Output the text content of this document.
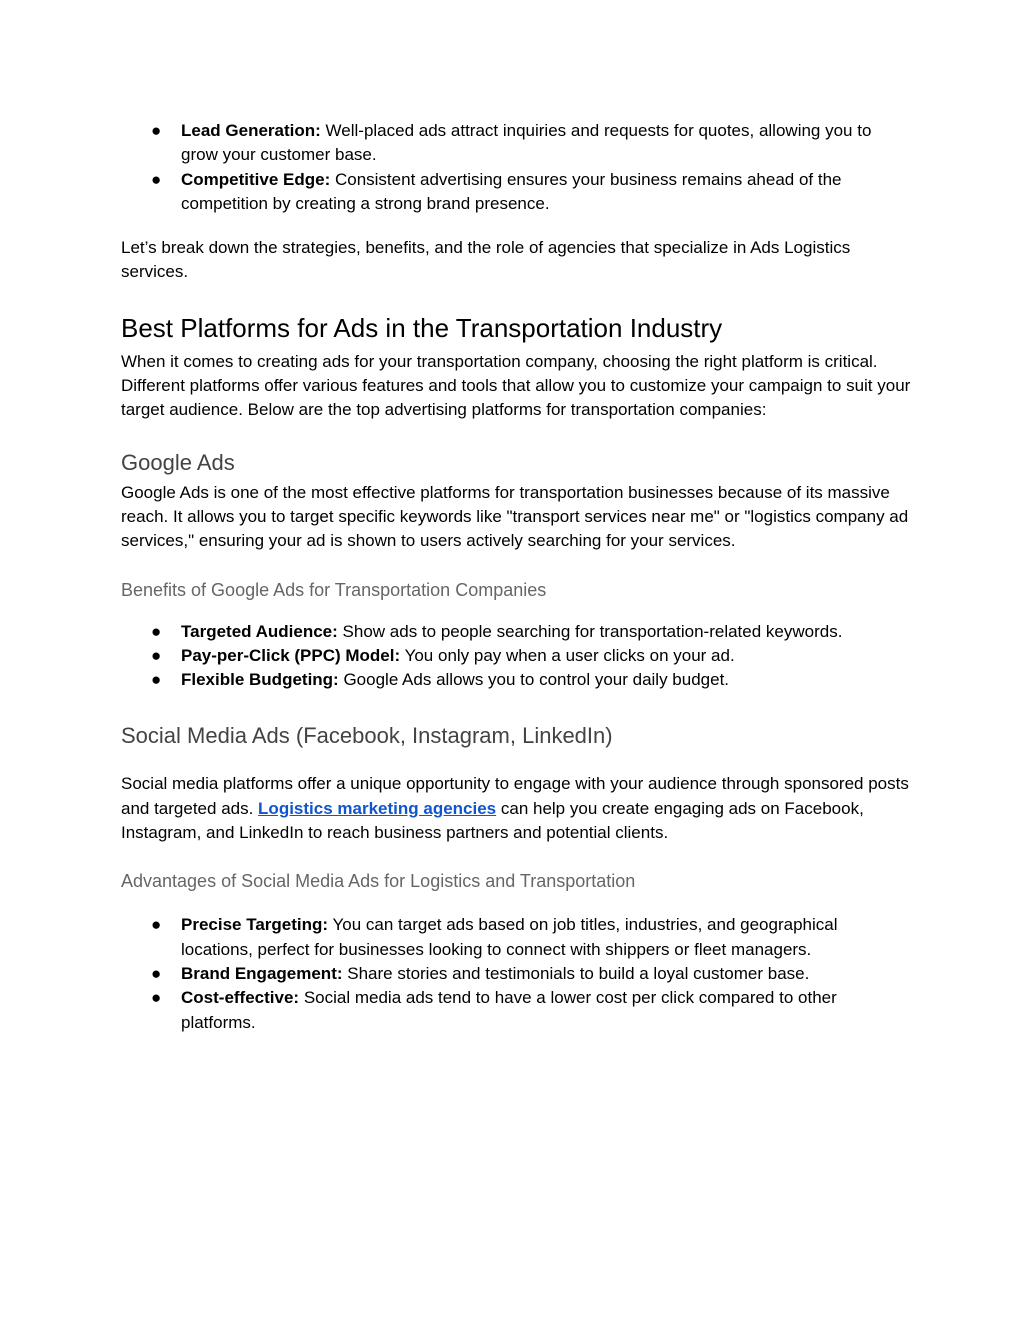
●	Lead Generation: Well-placed ads attract inquiries and requests for quotes, allowing you to grow your customer base.
●	Competitive Edge: Consistent advertising ensures your business remains ahead of the competition by creating a strong brand presence.

Let’s break down the strategies, benefits, and the role of agencies that specialize in Ads Logistics services.

Best Platforms for Ads in the Transportation Industry

When it comes to creating ads for your transportation company, choosing the right platform is critical. Different platforms offer various features and tools that allow you to customize your campaign to suit your target audience. Below are the top advertising platforms for transportation companies:

Google Ads

Google Ads is one of the most effective platforms for transportation businesses because of its massive reach. It allows you to target specific keywords like "transport services near me" or "logistics company ad services," ensuring your ad is shown to users actively searching for your services.

Benefits of Google Ads for Transportation Companies
●	Targeted Audience: Show ads to people searching for transportation-related keywords.
●	Pay-per-Click (PPC) Model: You only pay when a user clicks on your ad.
●	Flexible Budgeting: Google Ads allows you to control your daily budget.
Social Media Ads (Facebook, Instagram, LinkedIn)

Social media platforms offer a unique opportunity to engage with your audience through sponsored posts and targeted ads. Logistics marketing agencies can help you create engaging ads on Facebook, Instagram, and LinkedIn to reach business partners and potential clients.

Advantages of Social Media Ads for Logistics and Transportation
●	Precise Targeting: You can target ads based on job titles, industries, and geographical locations, perfect for businesses looking to connect with shippers or fleet managers.
●	Brand Engagement: Share stories and testimonials to build a loyal customer base.
●	Cost-effective: Social media ads tend to have a lower cost per click compared to other platforms.
